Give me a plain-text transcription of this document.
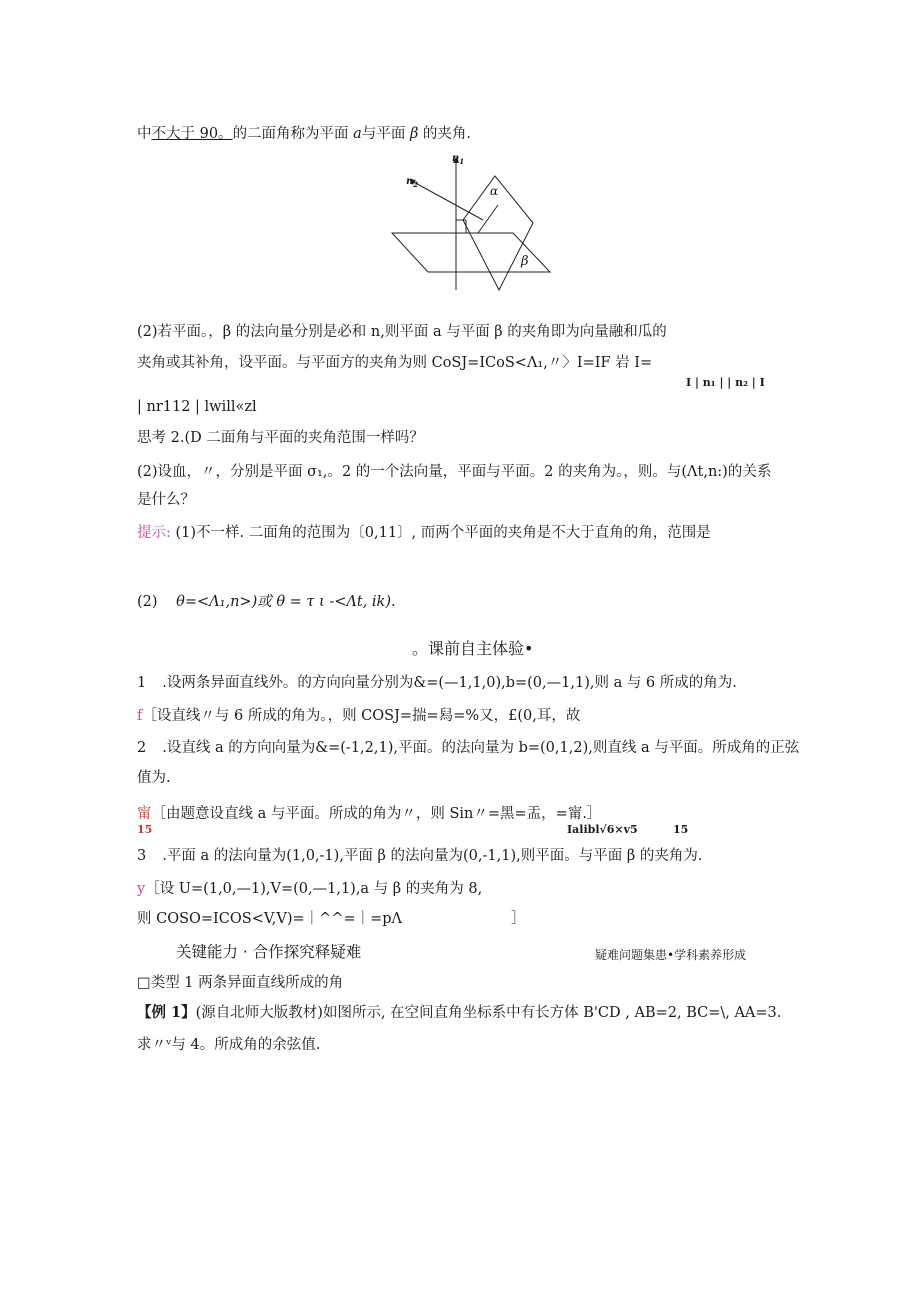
中不大于 90。的二面角称为平面 a与平面 β 的夹角.
$n_1$
$n_2$	α
β
(2)若平面。，β 的法向量分别是必和 n,则平面 a 与平面 β 的夹角即为向量融和瓜的
夹角或其补角，设平面。与平面方的夹角为则 CoSJ=ICoS<Λ₁,〃〉I=IF 岩 I=
I | n₁ | | n₂ | I
| nr112 | lwill«zl
思考 2.(D 二面角与平面的夹角范围一样吗？
(2)设血，〃，分别是平面 σ₁,。2 的一个法向量，平面与平面。2 的夹角为。，则。与(Λt,n:)的关系
是什么？
提示: (1)不一样. 二面角的范围为〔0,11〕, 而两个平面的夹角是不大于直角的角，范围是
(2) θ=<Λ₁,n>)或 θ = τ ι -<Λt, ik).
。课前自主体验•
1 .设两条异面直线外。的方向向量分别为&=(—1,1,0),b=(0,—1,1),则 a 与 6 所成的角为.
f［设直线〃与 6 所成的角为。，则 COSJ=揣=舄=%又，£(0,耳，故
2 .设直线 a 的方向向量为&=(-1,2,1),平面。的法向量为 b=(0,1,2),则直线 a 与平面。所成角的正弦
值为.
甯［由题意设直线 a 与平面。所成的角为〃，则 Sin〃=黑=盂，=甯.］
15	Ialibl√6×v5	15
3 .平面 a 的法向量为(1,0,-1),平面 β 的法向量为(0,-1,1),则平面。与平面 β 的夹角为.
y［设 U=(1,0,—1),V=(0,—1,1),a 与 β 的夹角为 8,
则 COSO=ICOS<V,V)=｜^^=｜=pΛ	］
关键能力 · 合作探究释疑难	疑难问题集患•学科素养形成
□类型 1 两条异面直线所成的角
【例 1】(源自北师大版教材)如图所示, 在空间直角坐标系中有长方体 B'CD , AB=2, BC=\, AA=3.
求〃ᵛ与 4。所成角的余弦值.
